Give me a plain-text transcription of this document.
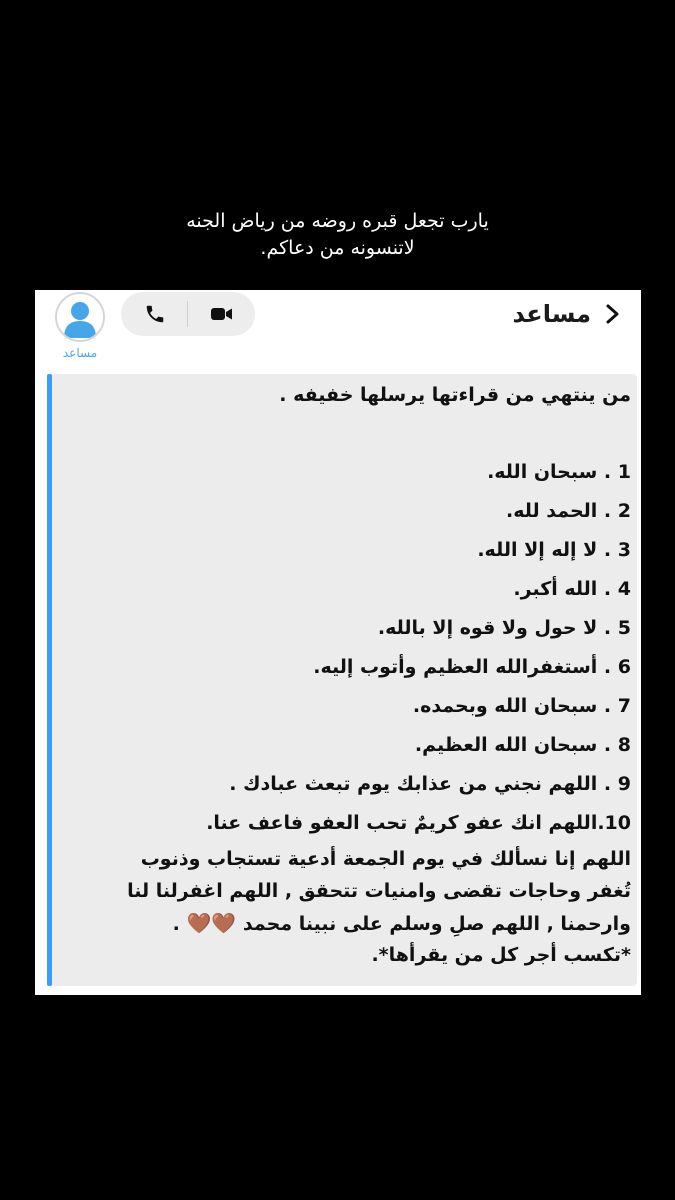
يارب تجعل قبره روضه من رياض الجنه
لاتنسونه من دعاكم.
مساعد
مساعد
من ينتهي من قراءتها يرسلها خفيفه .
1 . سبحان الله.
2 . الحمد لله.
3 . لا إله إلا الله.
4 . الله أكبر.
5 . لا حول ولا قوه إلا بالله.
6 . أستغفرالله العظيم وأتوب إليه.
7 . سبحان الله وبحمده.
8 . سبحان الله العظيم.
9 . اللهم نجني من عذابك يوم تبعث عبادك .
10.اللهم انك عفو كريمٌ تحب العفو فاعف عنا.
اللهم إنا نسألك في يوم الجمعة أدعية تستجاب وذنوب
تُغفر وحاجات تقضى وامنيات تتحقق , اللهم اغفرلنا لنا
وارحمنا , اللهم صلِ وسلم على نبينا محمد 🤎🤎 .
*تكسب أجر كل من يقرأها*.
